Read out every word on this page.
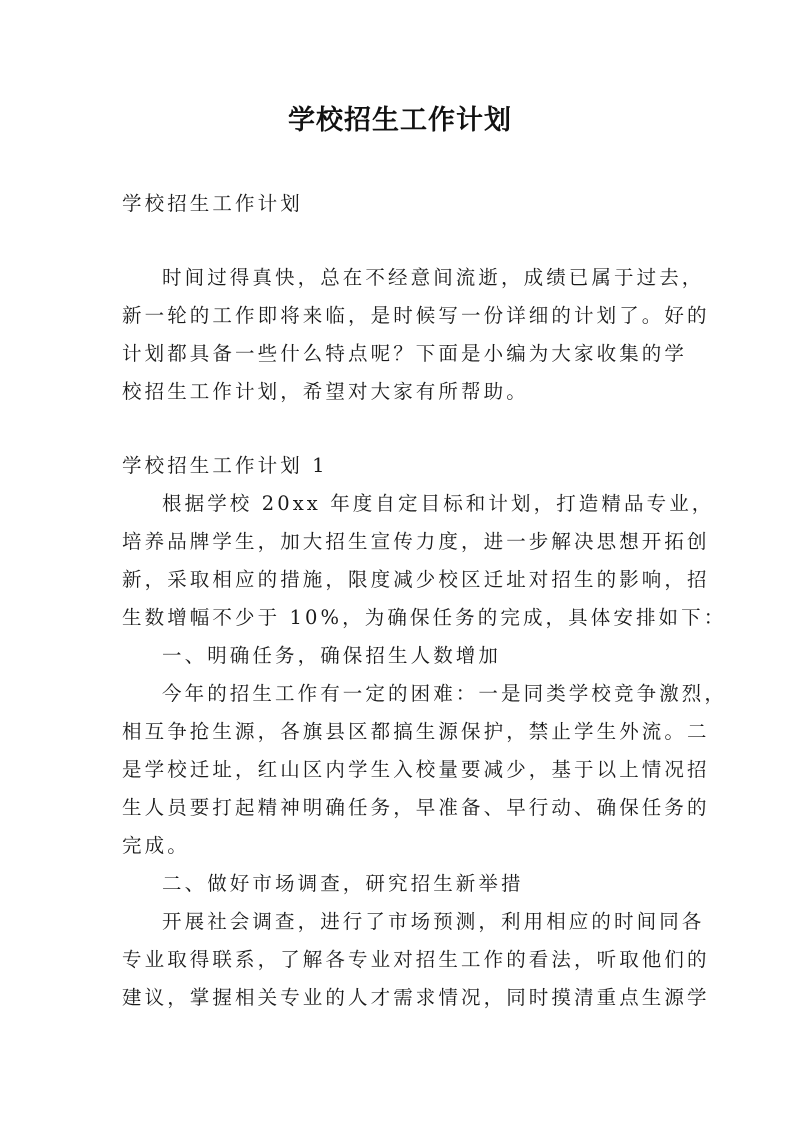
学校招生工作计划
学校招生工作计划
时间过得真快，总在不经意间流逝，成绩已属于过去，
新一轮的工作即将来临，是时候写一份详细的计划了。好的
计划都具备一些什么特点呢？下面是小编为大家收集的学
校招生工作计划，希望对大家有所帮助。
学校招生工作计划 1
根据学校 20xx 年度自定目标和计划，打造精品专业，
培养品牌学生，加大招生宣传力度，进一步解决思想开拓创
新，采取相应的措施，限度减少校区迁址对招生的影响，招
生数增幅不少于 10%，为确保任务的完成，具体安排如下：
一、明确任务，确保招生人数增加
今年的招生工作有一定的困难：一是同类学校竞争激烈，
相互争抢生源，各旗县区都搞生源保护，禁止学生外流。二
是学校迁址，红山区内学生入校量要减少，基于以上情况招
生人员要打起精神明确任务，早准备、早行动、确保任务的
完成。
二、做好市场调查，研究招生新举措
开展社会调查，进行了市场预测，利用相应的时间同各
专业取得联系，了解各专业对招生工作的看法，听取他们的
建议，掌握相关专业的人才需求情况，同时摸清重点生源学
